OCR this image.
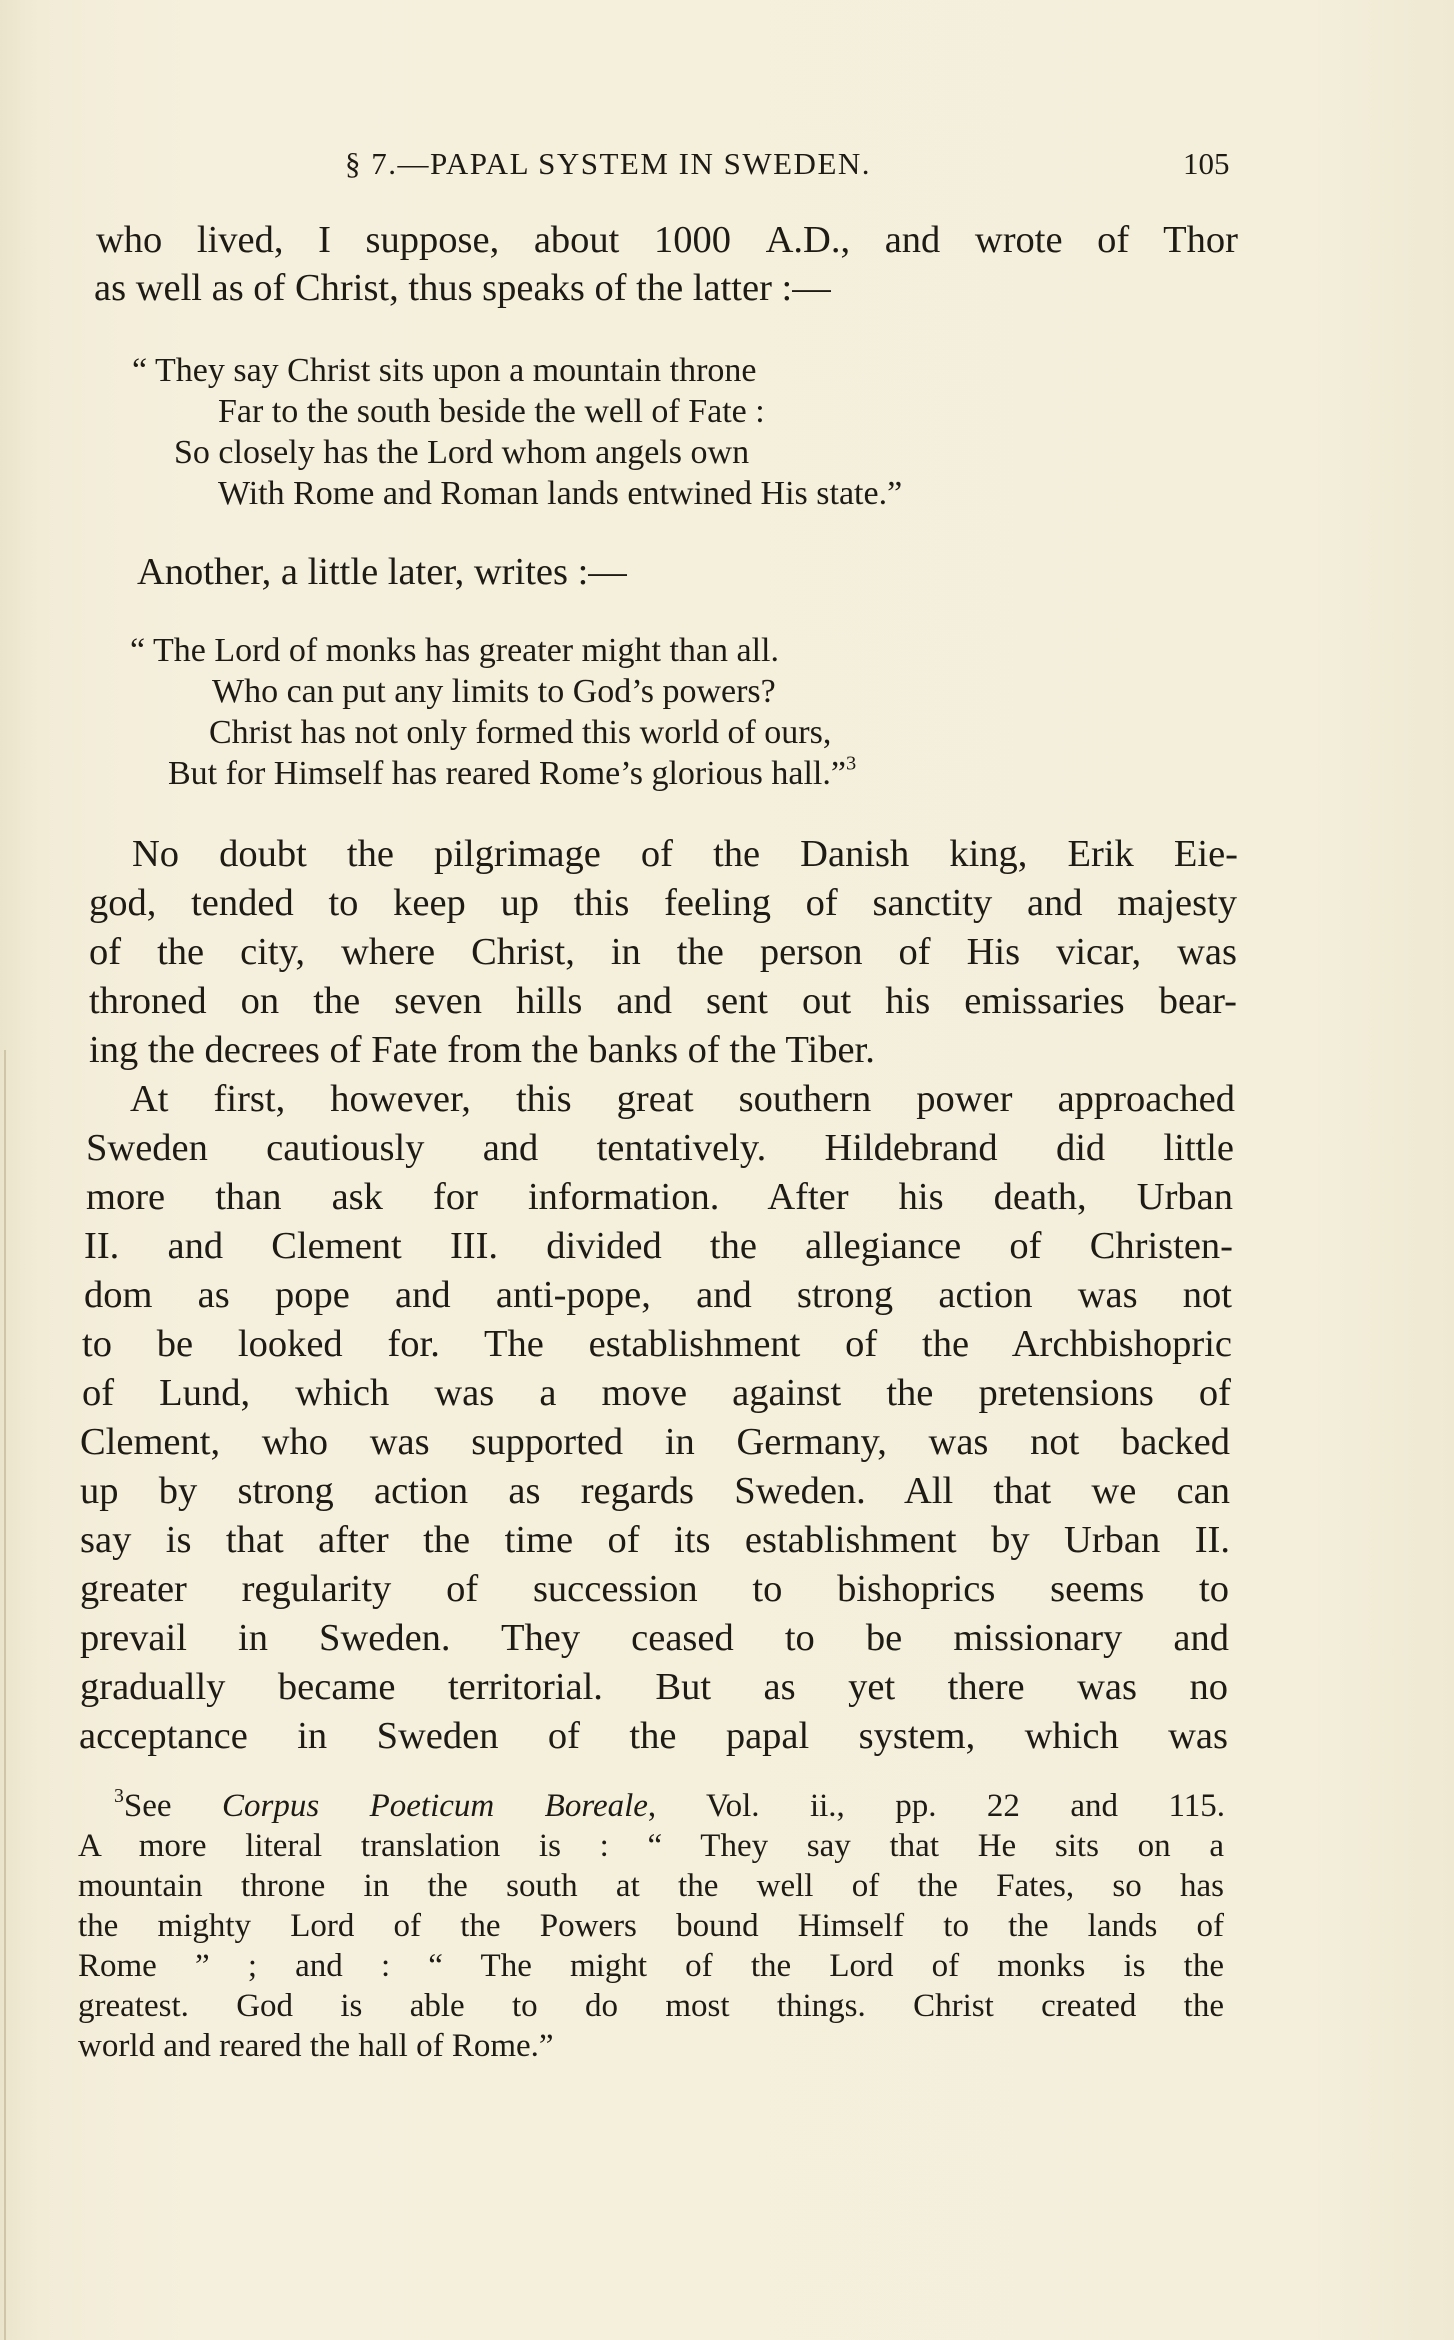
§ 7.—PAPAL SYSTEM IN SWEDEN.	105
who lived, I suppose, about 1000 A.D., and wrote of Thor
as well as of Christ, thus speaks of the latter :—
“ They say Christ sits upon a mountain throne
Far to the south beside the well of Fate :
So closely has the Lord whom angels own
With Rome and Roman lands entwined His state.”
Another, a little later, writes :—
“ The Lord of monks has greater might than all.
Who can put any limits to God’s powers?
Christ has not only formed this world of ours,
But for Himself has reared Rome’s glorious hall.”$^3$
No doubt the pilgrimage of the Danish king, Erik Eie-
god, tended to keep up this feeling of sanctity and majesty
of the city, where Christ, in the person of His vicar, was
throned on the seven hills and sent out his emissaries bear-
ing the decrees of Fate from the banks of the Tiber.
At first, however, this great southern power approached
Sweden cautiously and tentatively. Hildebrand did little
more than ask for information. After his death, Urban
II. and Clement III. divided the allegiance of Christen-
dom as pope and anti-pope, and strong action was not
to be looked for. The establishment of the Archbishopric
of Lund, which was a move against the pretensions of
Clement, who was supported in Germany, was not backed
up by strong action as regards Sweden. All that we can
say is that after the time of its establishment by Urban II.
greater regularity of succession to bishoprics seems to
prevail in Sweden. They ceased to be missionary and
gradually became territorial. But as yet there was no
acceptance in Sweden of the papal system, which was
$^3$See Corpus Poeticum Boreale, Vol. ii., pp. 22 and 115.
A more literal translation is : “ They say that He sits on a
mountain throne in the south at the well of the Fates, so has
the mighty Lord of the Powers bound Himself to the lands of
Rome ” ; and : “ The might of the Lord of monks is the
greatest. God is able to do most things. Christ created the
world and reared the hall of Rome.”
